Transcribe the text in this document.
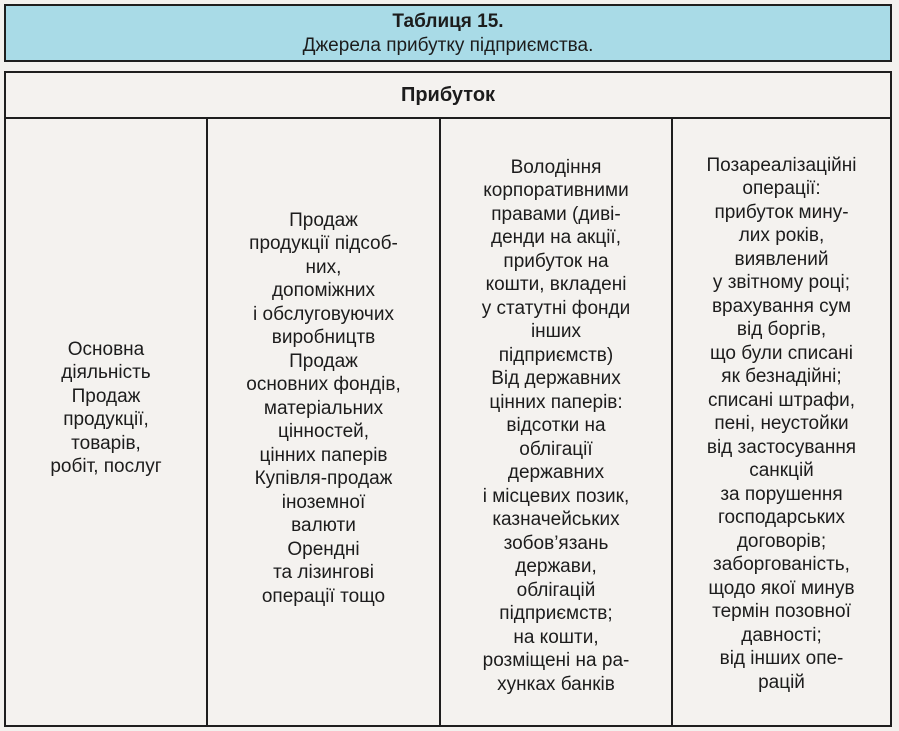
Таблиця 15.
Джерела прибутку підприємства.
Прибуток
Основна
діяльність
Продаж
продукції,
товарів,
робіт, послуг
Продаж
продукції підсоб-
них,
допоміжних
і обслуговуючих
виробництв
Продаж
основних фондів,
матеріальних
цінностей,
цінних паперів
Купівля-продаж
іноземної
валюти
Орендні
та лізингові
операції тощо
Володіння
корпоративними
правами (диві-
денди на акції,
прибуток на
кошти, вкладені
у статутні фонди
інших
підприємств)
Від державних
цінних паперів:
відсотки на
облігації
державних
і місцевих позик,
казначейських
зобов’язань
держави,
облігацій
підприємств;
на кошти,
розміщені на ра-
хунках банків
Позареалізаційні
операції:
прибуток мину-
лих років,
виявлений
у звітному році;
врахування сум
від боргів,
що були списані
як безнадійні;
списані штрафи,
пені, неустойки
від застосування
санкцій
за порушення
господарських
договорів;
заборгованість,
щодо якої минув
термін позовної
давності;
від інших опе-
рацій
